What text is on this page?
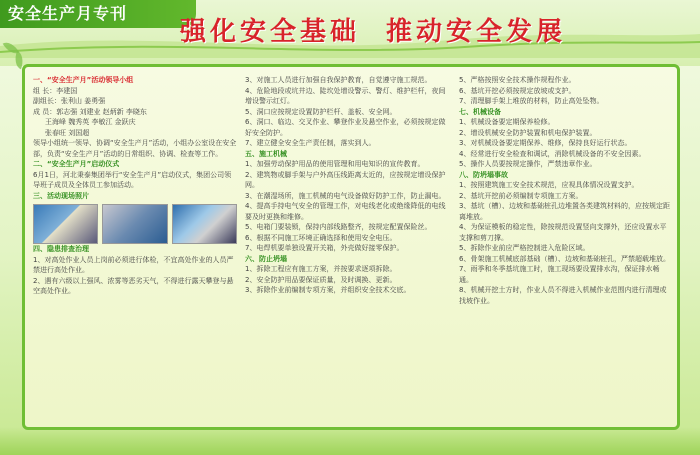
安全生产月专刊
强化安全基础 推动安全发展
一、“安全生产月”活动领导小组
组 长：李建国
副组长：张利山 姜勇强
成 员：郭志强 刘建业 赵炳新 李晓东
王海峰 魏秀英 李敏江 金跃庆
张春旺 刘国超
领导小组统一领导、协调“安全生产月”活动，小组办公室设在安全部，负责“安全生产月”活动的日常组织、协调、检查等工作。
二、“安全生产月”启动仪式
6月1日，河北秉泰集团举行“安全生产月”启动仪式，集团公司领导班子成员及全体员工参加活动。
三、活动现场照片
四、隐患排查治理
1、对高处作业人员上岗前必须进行体检，不宜高处作业的人员严禁进行高处作业。
2、遇有六级以上强风、浓雾等恶劣天气，不得进行露天攀登与悬空高处作业。
3、对施工人员进行加强自我保护教育，自觉遵守施工规范。
4、危险地段或坑井边、陡坎处增设警示、警灯、维护栏杆，夜间增设警示红灯。
5、洞口应按规定设置防护栏杆、盖板、安全网。
6、洞口、临边、交叉作业、攀登作业及悬空作业，必须按规定做好安全防护。
7、建立健全安全生产责任制，落实到人。
五、施工机械
1、加强劳动保护用品的使用管理和用电知识的宣传教育。
2、建筑物或脚手架与户外高压线距离太近的，应按规定增设保护网。
3、在潮湿场所，施工机械的电气设备做好防护工作，防止漏电。
4、提高手持电气安全的管理工作，对电线老化或绝缘降低的电线要及时更换和维修。
5、电箱门要装锁，保持内部线路整齐，按规定配置保险丝。
6、根据不同施工环境正确选择和使用安全电压。
7、电焊机要单独设置开关箱，外壳做好接零保护。
六、防止坍塌
1、拆除工程应有施工方案，并按要求逐项拆除。
2、安全防护用品要保证质量，及时调换、更新。
3、拆除作业前编制专项方案，并组织安全技术交底。
5、严格按照安全技术操作规程作业。
6、基坑开挖必须按规定放坡或支护。
7、清理脚手架上堆放的材料，防止高处坠物。
七、机械设备
1、机械设备要定期保养检修。
2、增设机械安全防护装置和机电保护装置。
3、对机械设备要定期保养、维修，保持良好运行状态。
4、经常进行安全检查和调试，消除机械设备的不安全因素。
5、操作人员要按规定操作，严禁违章作业。
八、防坍塌事故
1、按照建筑施工安全技术规范，应视具体情况设置支护。
2、基坑开挖前必须编制专项施工方案。
3、基坑（槽）、边坡和基础桩孔边堆置各类建筑材料的，应按规定距离堆放。
4、为保证模板的稳定性，除按规范设置竖向支撑外，还应设置水平支撑和剪刀撑。
5、拆除作业前应严格控制进入危险区域。
6、骨架施工机械底部基础（槽）、边坡和基础桩孔，严禁超载堆放。
7、雨季和冬季基坑施工时，施工现场要设置排水沟，保证排水畅通。
8、机械开挖土方时，作业人员不得进入机械作业范围内进行清理或找坡作业。
